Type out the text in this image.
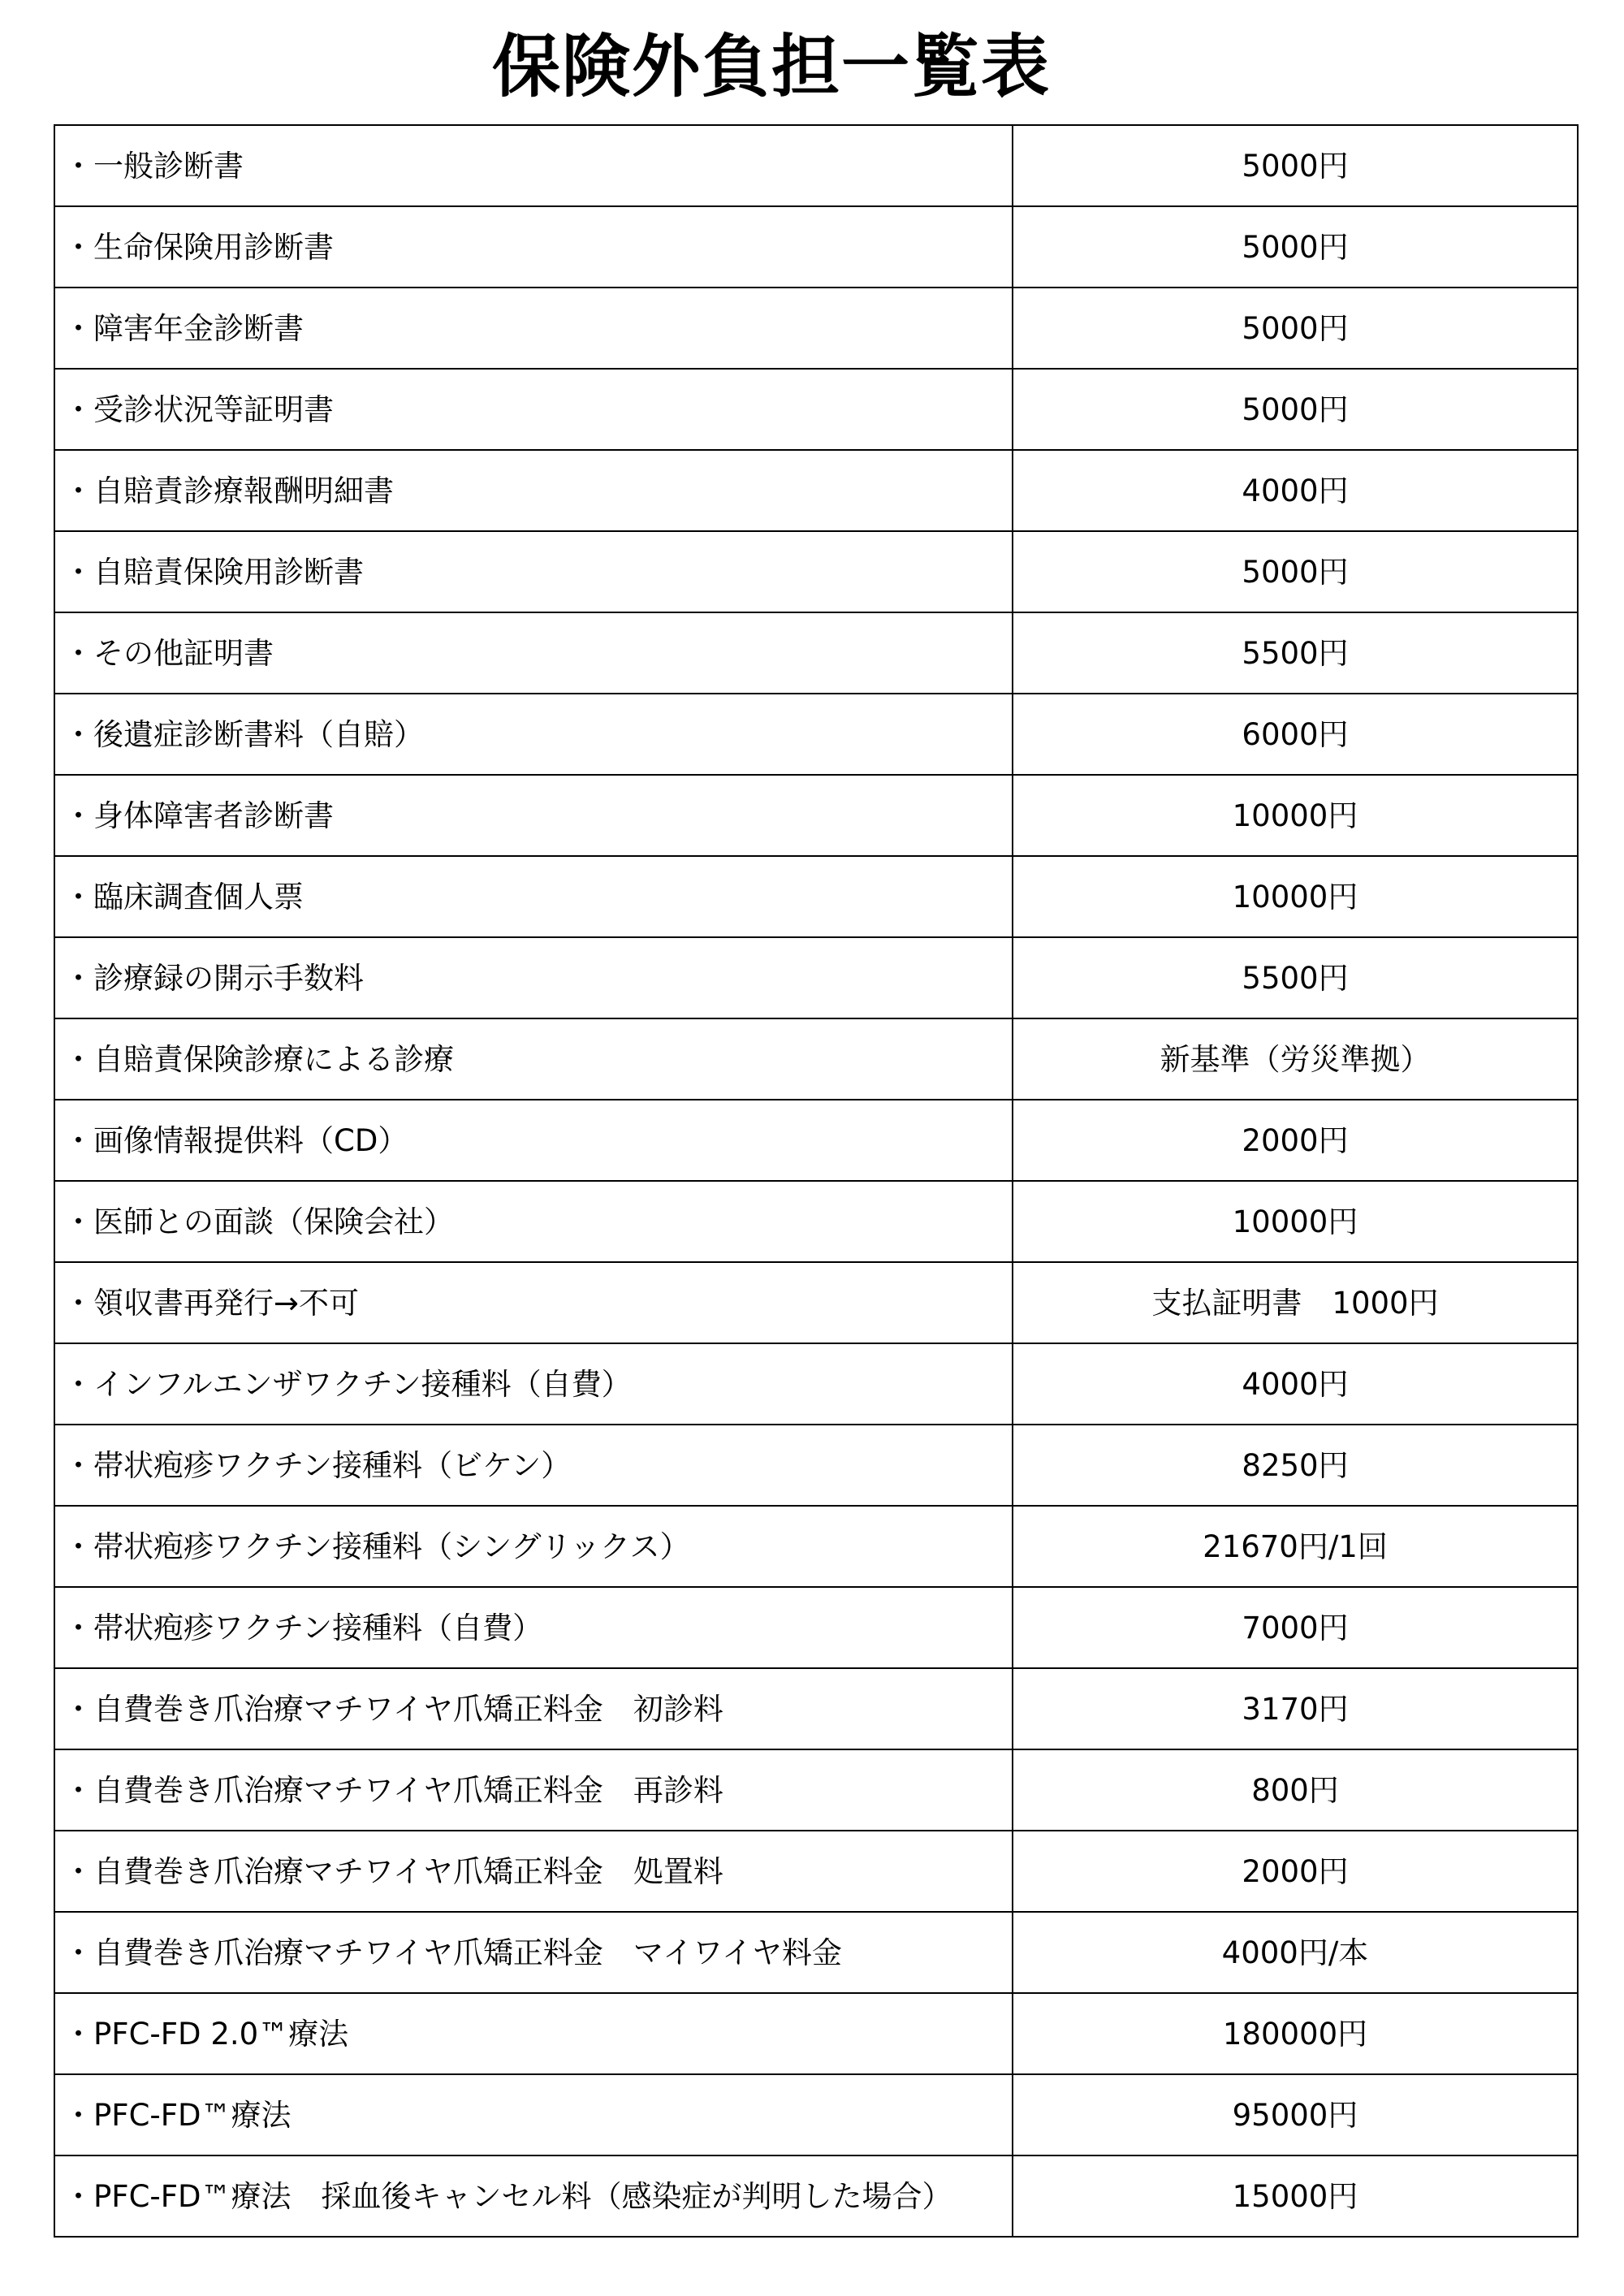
保険外負担一覧表
・一般診断書	5000円
・生命保険用診断書	5000円
・障害年金診断書	5000円
・受診状況等証明書	5000円
・自賠責診療報酬明細書	4000円
・自賠責保険用診断書	5000円
・その他証明書	5500円
・後遺症診断書料（自賠）	6000円
・身体障害者診断書	10000円
・臨床調査個人票	10000円
・診療録の開示手数料	5500円
・自賠責保険診療による診療	新基準（労災準拠）
・画像情報提供料（CD）	2000円
・医師との面談（保険会社）	10000円
・領収書再発行→不可	支払証明書　1000円
・インフルエンザワクチン接種料（自費）	4000円
・帯状疱疹ワクチン接種料（ビケン）	8250円
・帯状疱疹ワクチン接種料（シングリックス）	21670円/1回
・帯状疱疹ワクチン接種料（自費）	7000円
・自費巻き爪治療マチワイヤ爪矯正料金　初診料	3170円
・自費巻き爪治療マチワイヤ爪矯正料金　再診料	800円
・自費巻き爪治療マチワイヤ爪矯正料金　処置料	2000円
・自費巻き爪治療マチワイヤ爪矯正料金　マイワイヤ料金	4000円/本
・PFC-FD 2.0™療法	180000円
・PFC-FD™療法	95000円
・PFC-FD™療法　採血後キャンセル料（感染症が判明した場合）	15000円
